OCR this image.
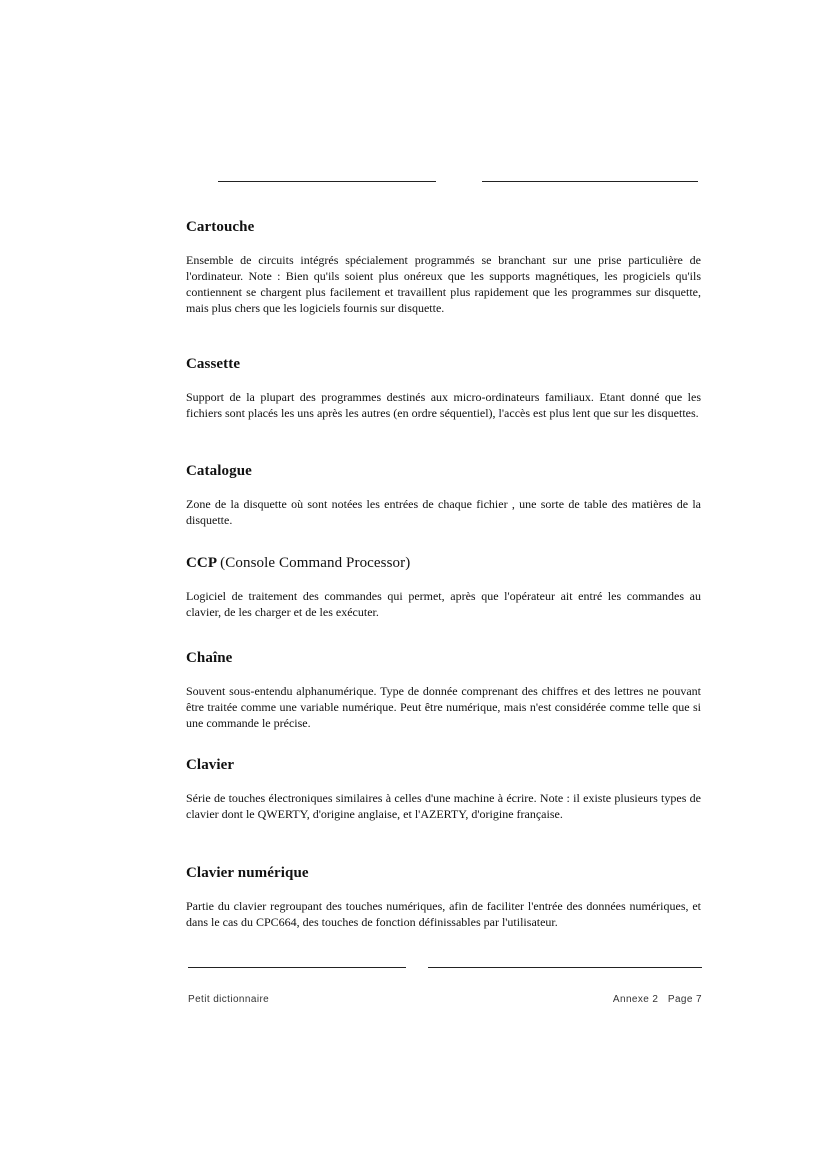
Cartouche

Ensemble de circuits intégrés spécialement programmés se branchant sur une prise particulière de l'ordinateur. Note : Bien qu'ils soient plus onéreux que les supports magnétiques, les progiciels qu'ils contiennent se chargent plus facilement et travaillent plus rapidement que les programmes sur disquette, mais plus chers que les logiciels fournis sur disquette.

Cassette

Support de la plupart des programmes destinés aux micro-ordinateurs familiaux. Etant donné que les fichiers sont placés les uns après les autres (en ordre séquentiel), l'accès est plus lent que sur les disquettes.

Catalogue

Zone de la disquette où sont notées les entrées de chaque fichier , une sorte de table des matières de la disquette.

CCP (Console Command Processor)

Logiciel de traitement des commandes qui permet, après que l'opérateur ait entré les commandes au clavier, de les charger et de les exécuter.

Chaîne

Souvent sous-entendu alphanumérique. Type de donnée comprenant des chiffres et des lettres ne pouvant être traitée comme une variable numérique. Peut être numérique, mais n'est considérée comme telle que si une commande le précise.

Clavier

Série de touches électroniques similaires à celles d'une machine à écrire. Note : il existe plusieurs types de clavier dont le QWERTY, d'origine anglaise, et l'AZERTY, d'origine française.

Clavier numérique

Partie du clavier regroupant des touches numériques, afin de faciliter l'entrée des données numériques, et dans le cas du CPC664, des touches de fonction définissables par l'utilisateur.

Petit dictionnaire	Annexe 2   Page 7
